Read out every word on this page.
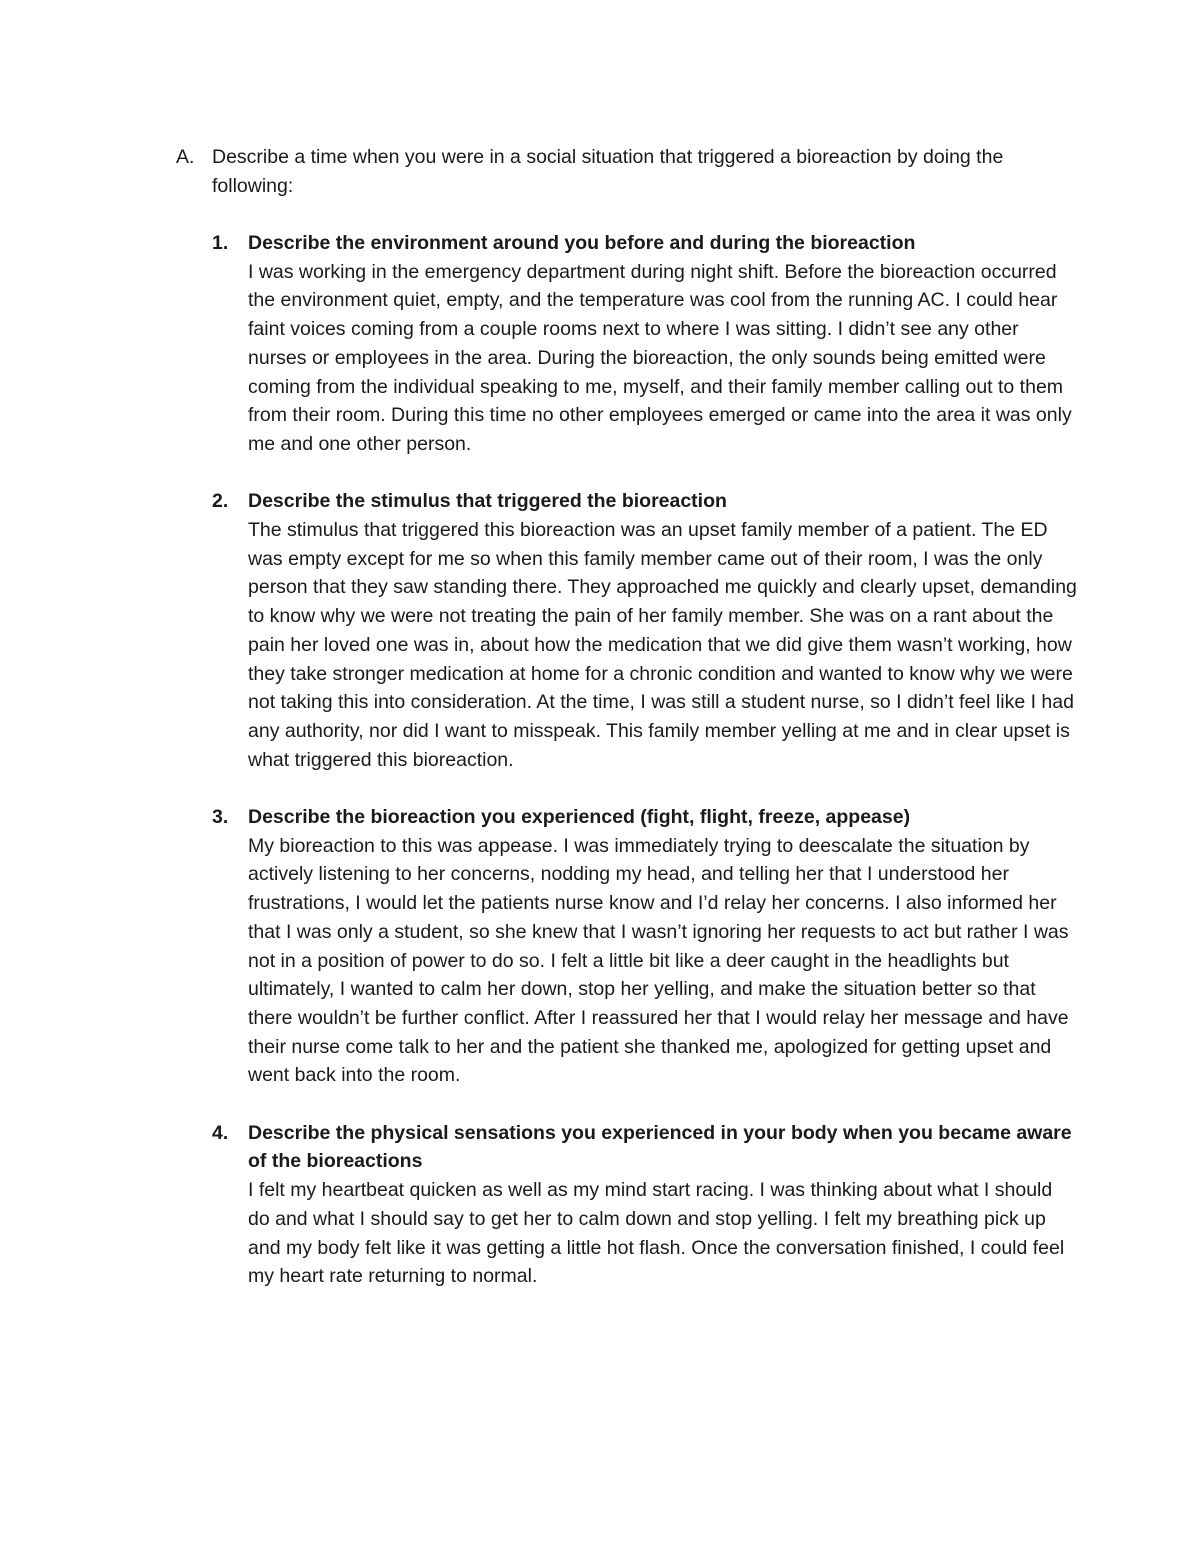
A. Describe a time when you were in a social situation that triggered a bioreaction by doing the following:
1.	Describe the environment around you before and during the bioreaction

I was working in the emergency department during night shift. Before the bioreaction occurred the environment quiet, empty, and the temperature was cool from the running AC. I could hear faint voices coming from a couple rooms next to where I was sitting. I didn’t see any other nurses or employees in the area. During the bioreaction, the only sounds being emitted were coming from the individual speaking to me, myself, and their family member calling out to them from their room. During this time no other employees emerged or came into the area it was only me and one other person.

2.	Describe the stimulus that triggered the bioreaction

The stimulus that triggered this bioreaction was an upset family member of a patient. The ED was empty except for me so when this family member came out of their room, I was the only person that they saw standing there. They approached me quickly and clearly upset, demanding to know why we were not treating the pain of her family member. She was on a rant about the pain her loved one was in, about how the medication that we did give them wasn’t working, how they take stronger medication at home for a chronic condition and wanted to know why we were not taking this into consideration. At the time, I was still a student nurse, so I didn’t feel like I had any authority, nor did I want to misspeak. This family member yelling at me and in clear upset is what triggered this bioreaction.

3.	Describe the bioreaction you experienced (fight, flight, freeze, appease)

My bioreaction to this was appease. I was immediately trying to deescalate the situation by actively listening to her concerns, nodding my head, and telling her that I understood her frustrations, I would let the patients nurse know and I’d relay her concerns. I also informed her that I was only a student, so she knew that I wasn’t ignoring her requests to act but rather I was not in a position of power to do so. I felt a little bit like a deer caught in the headlights but ultimately, I wanted to calm her down, stop her yelling, and make the situation better so that there wouldn’t be further conflict. After I reassured her that I would relay her message and have their nurse come talk to her and the patient she thanked me, apologized for getting upset and went back into the room.

4.	Describe the physical sensations you experienced in your body when you became aware of the bioreactions

I felt my heartbeat quicken as well as my mind start racing. I was thinking about what I should do and what I should say to get her to calm down and stop yelling. I felt my breathing pick up and my body felt like it was getting a little hot flash. Once the conversation finished, I could feel my heart rate returning to normal.
